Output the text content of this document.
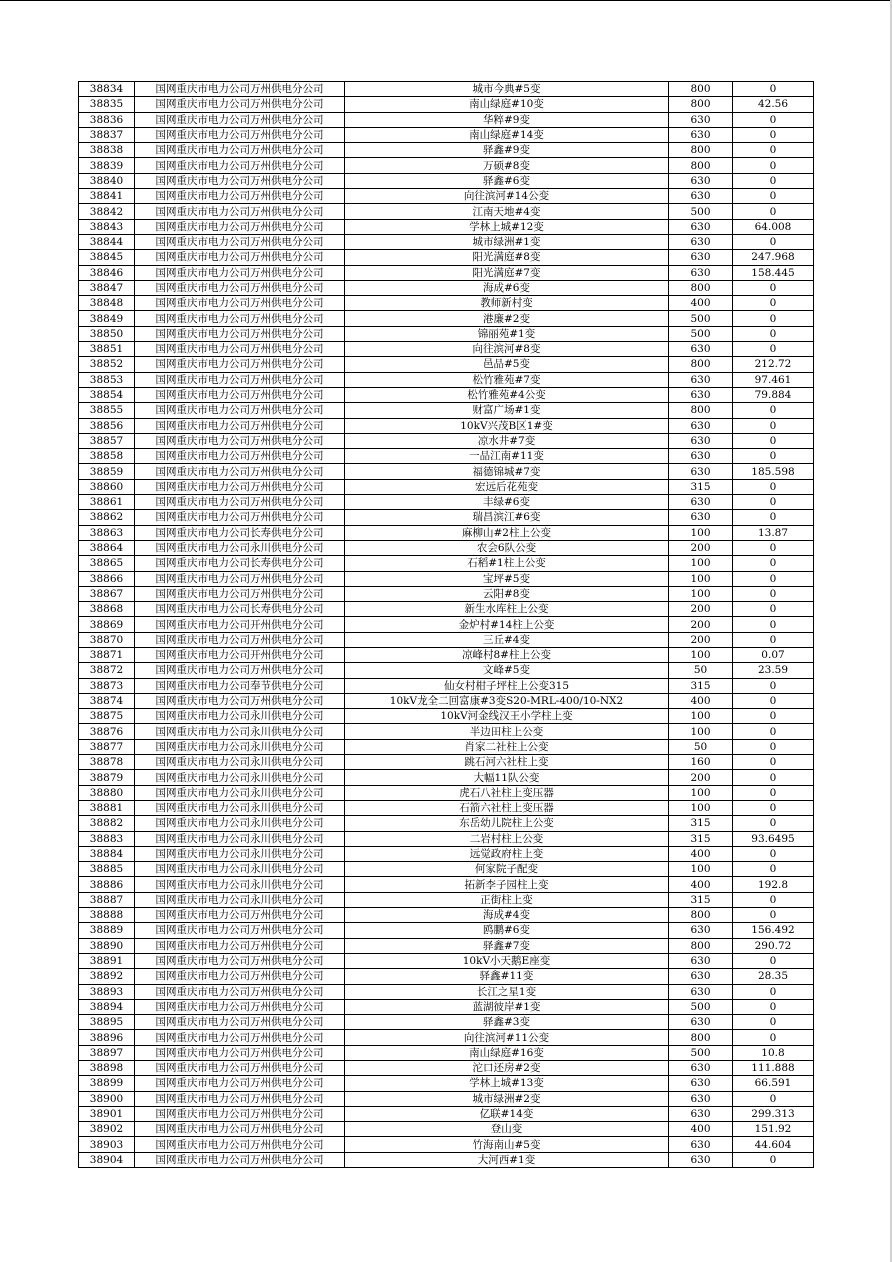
38834	国网重庆市电力公司万州供电分公司	城市今典#5变	800	0
38835	国网重庆市电力公司万州供电分公司	南山绿庭#10变	800	42.56
38836	国网重庆市电力公司万州供电分公司	华粹#9变	630	0
38837	国网重庆市电力公司万州供电分公司	南山绿庭#14变	630	0
38838	国网重庆市电力公司万州供电分公司	驿鑫#9变	800	0
38839	国网重庆市电力公司万州供电分公司	万硕#8变	800	0
38840	国网重庆市电力公司万州供电分公司	驿鑫#6变	630	0
38841	国网重庆市电力公司万州供电分公司	向往滨河#14公变	630	0
38842	国网重庆市电力公司万州供电分公司	江南天地#4变	500	0
38843	国网重庆市电力公司万州供电分公司	学林上城#12变	630	64.008
38844	国网重庆市电力公司万州供电分公司	城市绿洲#1变	630	0
38845	国网重庆市电力公司万州供电分公司	阳光满庭#8变	630	247.968
38846	国网重庆市电力公司万州供电分公司	阳光满庭#7变	630	158.445
38847	国网重庆市电力公司万州供电分公司	海成#6变	800	0
38848	国网重庆市电力公司万州供电分公司	教师新村变	400	0
38849	国网重庆市电力公司万州供电分公司	港廉#2变	500	0
38850	国网重庆市电力公司万州供电分公司	锦丽苑#1变	500	0
38851	国网重庆市电力公司万州供电分公司	向往滨河#8变	630	0
38852	国网重庆市电力公司万州供电分公司	邑品#5变	800	212.72
38853	国网重庆市电力公司万州供电分公司	松竹雅苑#7变	630	97.461
38854	国网重庆市电力公司万州供电分公司	松竹雅苑#4公变	630	79.884
38855	国网重庆市电力公司万州供电分公司	财富广场#1变	800	0
38856	国网重庆市电力公司万州供电分公司	10kV兴茂B区1#变	630	0
38857	国网重庆市电力公司万州供电分公司	凉水井#7变	630	0
38858	国网重庆市电力公司万州供电分公司	一品江南#11变	630	0
38859	国网重庆市电力公司万州供电分公司	福德锦城#7变	630	185.598
38860	国网重庆市电力公司万州供电分公司	宏远后花苑变	315	0
38861	国网重庆市电力公司万州供电分公司	丰绿#6变	630	0
38862	国网重庆市电力公司万州供电分公司	瑞昌滨江#6变	630	0
38863	国网重庆市电力公司长寿供电分公司	麻柳山#2柱上公变	100	13.87
38864	国网重庆市电力公司永川供电分公司	农会6队公变	200	0
38865	国网重庆市电力公司长寿供电分公司	石稻#1柱上公变	100	0
38866	国网重庆市电力公司万州供电分公司	宝坪#5变	100	0
38867	国网重庆市电力公司万州供电分公司	云阳#8变	100	0
38868	国网重庆市电力公司长寿供电分公司	新生水库柱上公变	200	0
38869	国网重庆市电力公司开州供电分公司	金炉村#14柱上公变	200	0
38870	国网重庆市电力公司万州供电分公司	三丘#4变	200	0
38871	国网重庆市电力公司开州供电分公司	凉峰村8#柱上公变	100	0.07
38872	国网重庆市电力公司万州供电分公司	文峰#5变	50	23.59
38873	国网重庆市电力公司奉节供电分公司	仙女村柑子坪柱上公变315	315	0
38874	国网重庆市电力公司万州供电分公司	10kV龙全二回富康#3变S20-MRL-400/10-NX2	400	0
38875	国网重庆市电力公司永川供电分公司	10kV河金线汉王小学柱上变	100	0
38876	国网重庆市电力公司永川供电分公司	半边田柱上公变	100	0
38877	国网重庆市电力公司永川供电分公司	肖家二社柱上公变	50	0
38878	国网重庆市电力公司永川供电分公司	跳石河六社柱上变	160	0
38879	国网重庆市电力公司永川供电分公司	大幅11队公变	200	0
38880	国网重庆市电力公司永川供电分公司	虎石八社柱上变压器	100	0
38881	国网重庆市电力公司永川供电分公司	石箭六社柱上变压器	100	0
38882	国网重庆市电力公司永川供电分公司	东岳幼儿院柱上公变	315	0
38883	国网重庆市电力公司永川供电分公司	二岩村柱上公变	315	93.6495
38884	国网重庆市电力公司永川供电分公司	远觉政府柱上变	400	0
38885	国网重庆市电力公司永川供电分公司	何家院子配变	100	0
38886	国网重庆市电力公司永川供电分公司	拓新李子园柱上变	400	192.8
38887	国网重庆市电力公司永川供电分公司	正街柱上变	315	0
38888	国网重庆市电力公司万州供电分公司	海成#4变	800	0
38889	国网重庆市电力公司万州供电分公司	鸥鹏#6变	630	156.492
38890	国网重庆市电力公司万州供电分公司	驿鑫#7变	800	290.72
38891	国网重庆市电力公司万州供电分公司	10kV小天鹅E座变	630	0
38892	国网重庆市电力公司万州供电分公司	驿鑫#11变	630	28.35
38893	国网重庆市电力公司万州供电分公司	长江之星1变	630	0
38894	国网重庆市电力公司万州供电分公司	蓝湖彼岸#1变	500	0
38895	国网重庆市电力公司万州供电分公司	驿鑫#3变	630	0
38896	国网重庆市电力公司万州供电分公司	向往滨河#11公变	800	0
38897	国网重庆市电力公司万州供电分公司	南山绿庭#16变	500	10.8
38898	国网重庆市电力公司万州供电分公司	沱口还房#2变	630	111.888
38899	国网重庆市电力公司万州供电分公司	学林上城#13变	630	66.591
38900	国网重庆市电力公司万州供电分公司	城市绿洲#2变	630	0
38901	国网重庆市电力公司万州供电分公司	亿联#14变	630	299.313
38902	国网重庆市电力公司万州供电分公司	登山变	400	151.92
38903	国网重庆市电力公司万州供电分公司	竹海南山#5变	630	44.604
38904	国网重庆市电力公司万州供电分公司	大河西#1变	630	0
